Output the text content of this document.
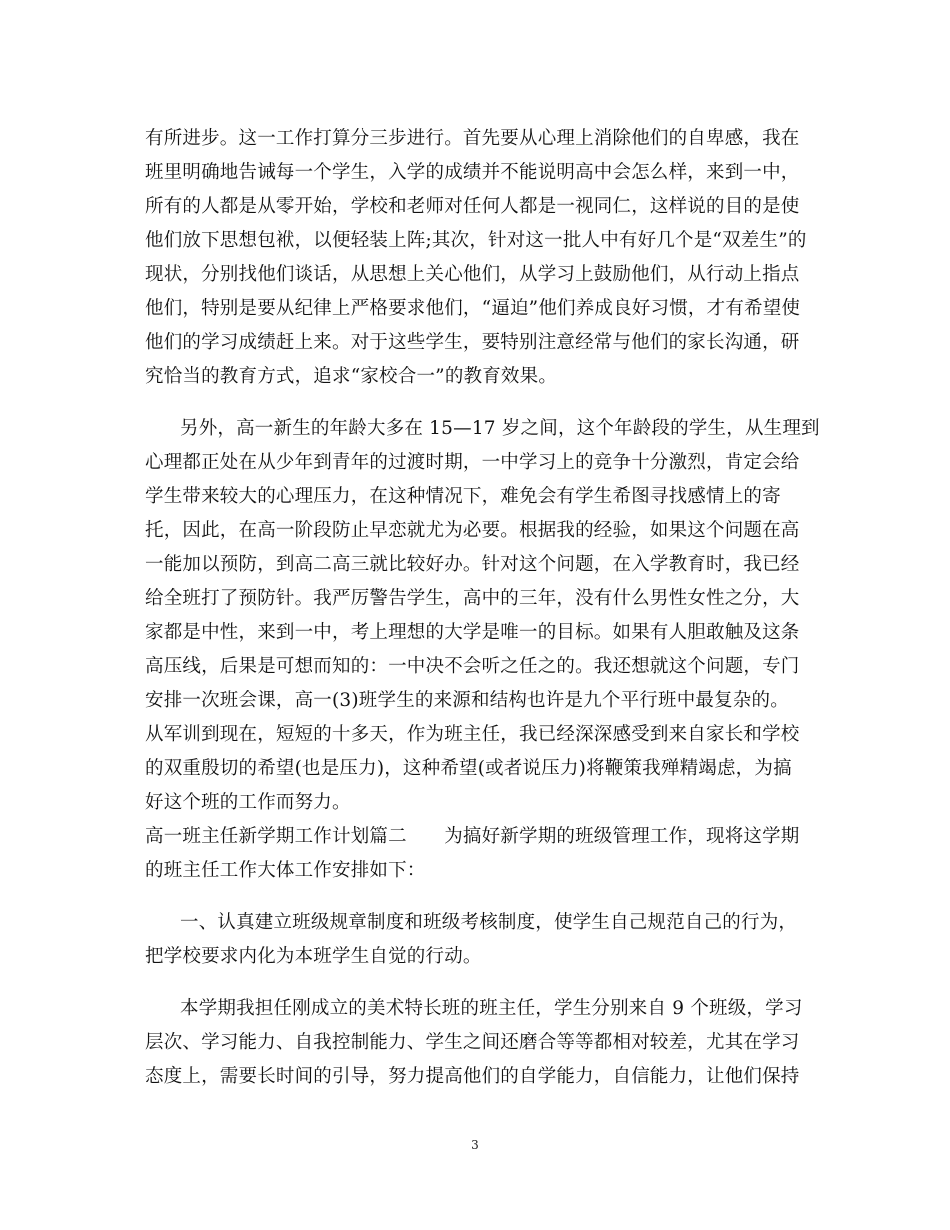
有所进步。这一工作打算分三步进行。首先要从心理上消除他们的自卑感，我在
班里明确地告诫每一个学生，入学的成绩并不能说明高中会怎么样，来到一中，
所有的人都是从零开始，学校和老师对任何人都是一视同仁，这样说的目的是使
他们放下思想包袱，以便轻装上阵;其次，针对这一批人中有好几个是“双差生”的
现状，分别找他们谈话，从思想上关心他们，从学习上鼓励他们，从行动上指点
他们，特别是要从纪律上严格要求他们，“逼迫”他们养成良好习惯，才有希望使
他们的学习成绩赶上来。对于这些学生，要特别注意经常与他们的家长沟通，研
究恰当的教育方式，追求“家校合一”的教育效果。
另外，高一新生的年龄大多在 15—17 岁之间，这个年龄段的学生，从生理到
心理都正处在从少年到青年的过渡时期，一中学习上的竞争十分激烈，肯定会给
学生带来较大的心理压力，在这种情况下，难免会有学生希图寻找感情上的寄
托，因此，在高一阶段防止早恋就尤为必要。根据我的经验，如果这个问题在高
一能加以预防，到高二高三就比较好办。针对这个问题，在入学教育时，我已经
给全班打了预防针。我严厉警告学生，高中的三年，没有什么男性女性之分，大
家都是中性，来到一中，考上理想的大学是唯一的目标。如果有人胆敢触及这条
高压线，后果是可想而知的：一中决不会听之任之的。我还想就这个问题，专门
安排一次班会课，高一(3)班学生的来源和结构也许是九个平行班中最复杂的。
从军训到现在，短短的十多天，作为班主任，我已经深深感受到来自家长和学校
的双重殷切的希望(也是压力)，这种希望(或者说压力)将鞭策我殚精竭虑，为搞
好这个班的工作而努力。
高一班主任新学期工作计划篇二　　为搞好新学期的班级管理工作，现将这学期
的班主任工作大体工作安排如下：
一、认真建立班级规章制度和班级考核制度，使学生自己规范自己的行为，
把学校要求内化为本班学生自觉的行动。
本学期我担任刚成立的美术特长班的班主任，学生分别来自 9 个班级，学习
层次、学习能力、自我控制能力、学生之间还磨合等等都相对较差，尤其在学习
态度上，需要长时间的引导，努力提高他们的自学能力，自信能力，让他们保持
3
